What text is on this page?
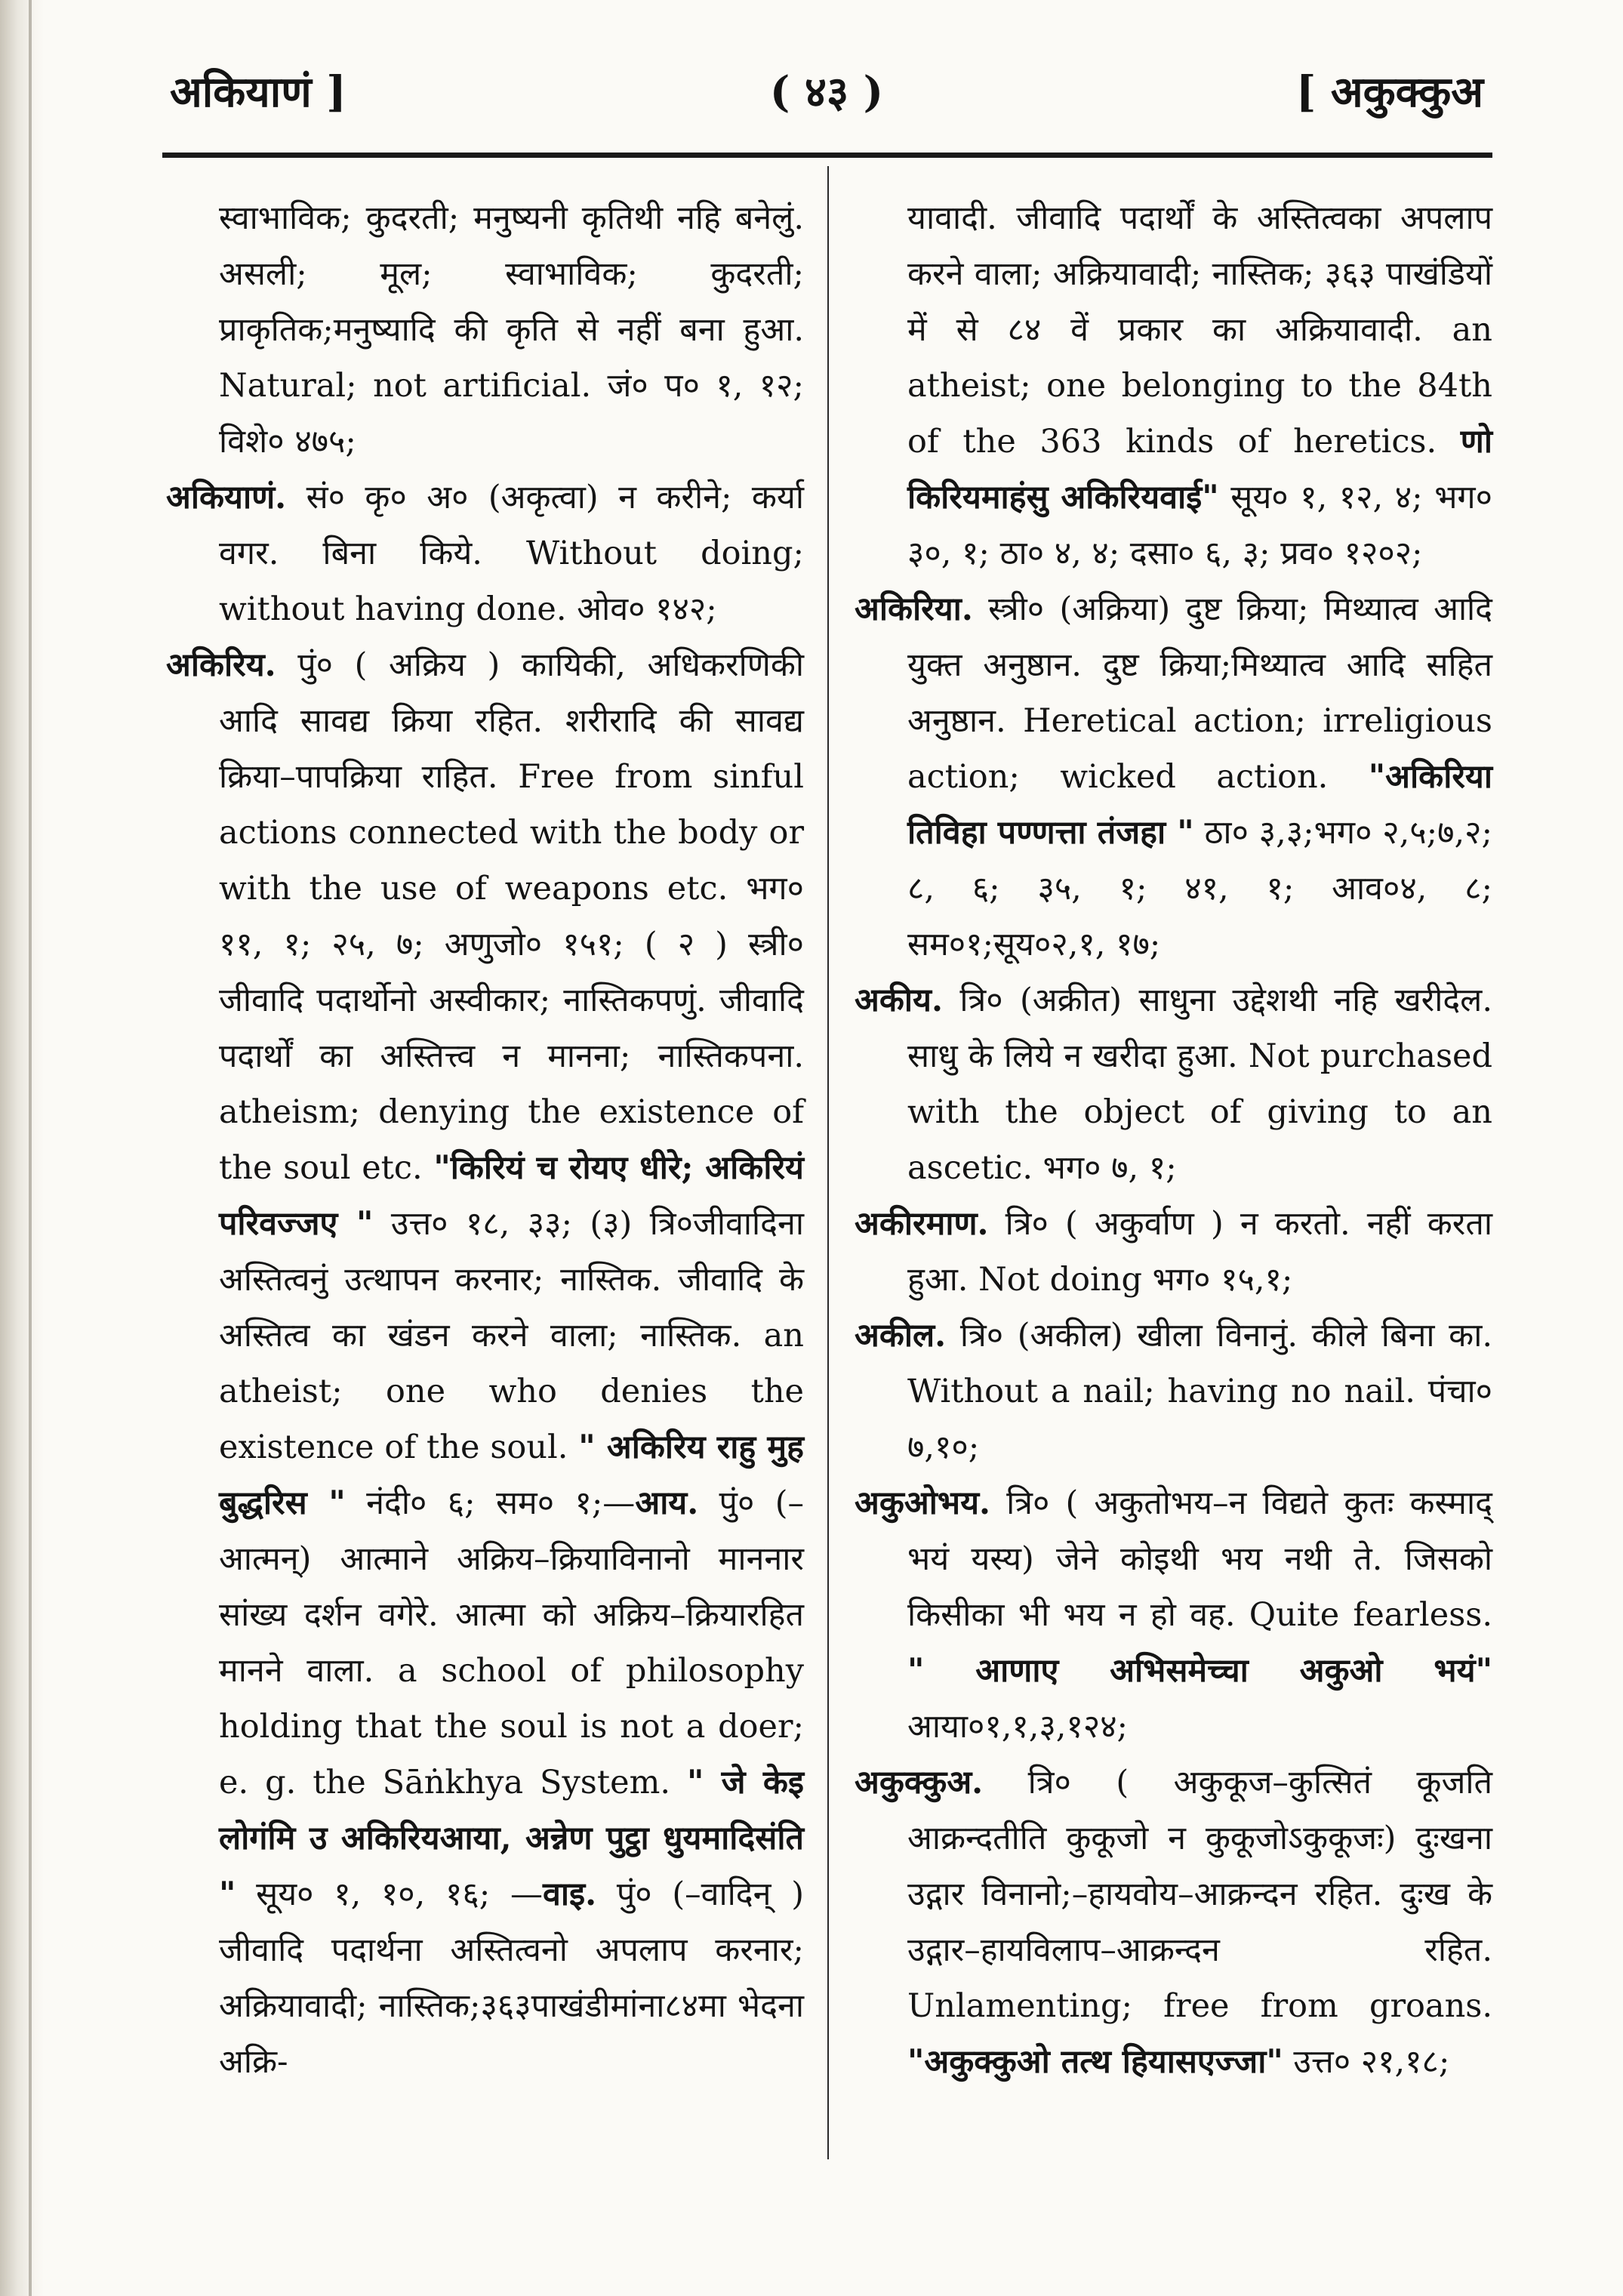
अकियाणं ]	( ४३ )	[ अकुक्कुअ

स्वाभाविक; कुदरती; मनुष्यनी कृतिथी नहि बनेलुं. असली; मूल; स्वाभाविक; कुदरती; प्राकृतिक;मनुष्यादि की कृति से नहीं बना हुआ. Natural; not artificial. जं० प० १, १२; विशे० ४७५;

अकियाणं. सं० कृ० अ० (अकृत्वा) न करीने; कर्या वगर. बिना किये. Without doing; without having done. ओव० १४२;

अकिरिय. पुं० ( अक्रिय ) कायिकी, अधिकरणिकी आदि सावद्य क्रिया रहित. शरीरादि की सावद्य क्रिया–पापक्रिया राहित. Free from sinful actions connected with the body or with the use of weapons etc. भग० ११, १; २५, ७; अणुजो० १५१; ( २ ) स्त्री० जीवादि पदार्थोनो अस्वीकार; नास्तिकपणुं. जीवादि पदार्थों का अस्तित्त्व न मानना; नास्तिकपना. atheism; denying the existence of the soul etc. "किरियं च रोयए धीरे; अकिरियं परिवज्जए " उत्त० १८, ३३; (३) त्रि०जीवादिना अस्तित्वनुं उत्थापन करनार; नास्तिक. जीवादि के अस्तित्व का खंडन करने वाला; नास्तिक. an atheist; one who denies the existence of the soul. " अकिरिय राहु मुह बुद्धरिस " नंदी० ६; सम० १;—आय. पुं० (–आत्मन्) आत्माने अक्रिय–क्रियाविनानो माननार सांख्य दर्शन वगेरे. आत्मा को अक्रिय–क्रियारहित मानने वाला. a school of philosophy holding that the soul is not a doer; e. g. the Sāṅkhya System. " जे केइ लोगंमि उ अकिरियआया, अन्नेण पुट्ठा धुयमादिसंति " सूय० १, १०, १६; —वाइ. पुं० (–वादिन् ) जीवादि पदार्थना अस्तित्वनो अपलाप करनार; अक्रियावादी; नास्तिक;३६३पाखंडीमांना८४मा भेदना अक्रि-

यावादी. जीवादि पदार्थों के अस्तित्वका अपलाप करने वाला; अक्रियावादी; नास्तिक; ३६३ पाखंडियों में से ८४ वें प्रकार का अक्रियावादी. an atheist; one belonging to the 84th of the 363 kinds of heretics. णो किरियमाहंसु अकिरियवाई" सूय० १, १२, ४; भग० ३०, १; ठा० ४, ४; दसा० ६, ३; प्रव० १२०२;

अकिरिया. स्त्री० (अक्रिया) दुष्ट क्रिया; मिथ्यात्व आदि युक्त अनुष्ठान. दुष्ट क्रिया;मिथ्यात्व आदि सहित अनुष्ठान. Heretical action; irreligious action; wicked action. "अकिरिया तिविहा पण्णत्ता तंजहा " ठा० ३,३;भग० २,५;७,२; ८, ६; ३५, १; ४१, १; आव०४, ८; सम०१;सूय०२,१, १७;

अकीय. त्रि० (अक्रीत) साधुना उद्देशथी नहि खरीदेल. साधु के लिये न खरीदा हुआ. Not purchased with the object of giving to an ascetic. भग० ७, १;

अकीरमाण. त्रि० ( अकुर्वाण ) न करतो. नहीं करता हुआ. Not doing भग० १५,१;

अकील. त्रि० (अकील) खीला विनानुं. कीले बिना का. Without a nail; having no nail. पंचा० ७,१०;

अकुओभय. त्रि० ( अकुतोभय–न विद्यते कुतः कस्माद् भयं यस्य) जेने कोइथी भय नथी ते. जिसको किसीका भी भय न हो वह. Quite fearless. " आणाए अभिसमेच्चा अकुओ भयं" आया०१,१,३,१२४;

अकुक्कुअ. त्रि० ( अकुकूज–कुत्सितं कूजति आक्रन्दतीति कुकूजो न कुकूजोऽकुकूजः) दुःखना उद्गार विनानो;–हायवोय–आक्रन्दन रहित. दुःख के उद्गार–हायविलाप–आक्रन्दन रहित. Unlamenting; free from groans. "अकुक्कुओ तत्थ हियासएज्जा" उत्त० २१,१८;
